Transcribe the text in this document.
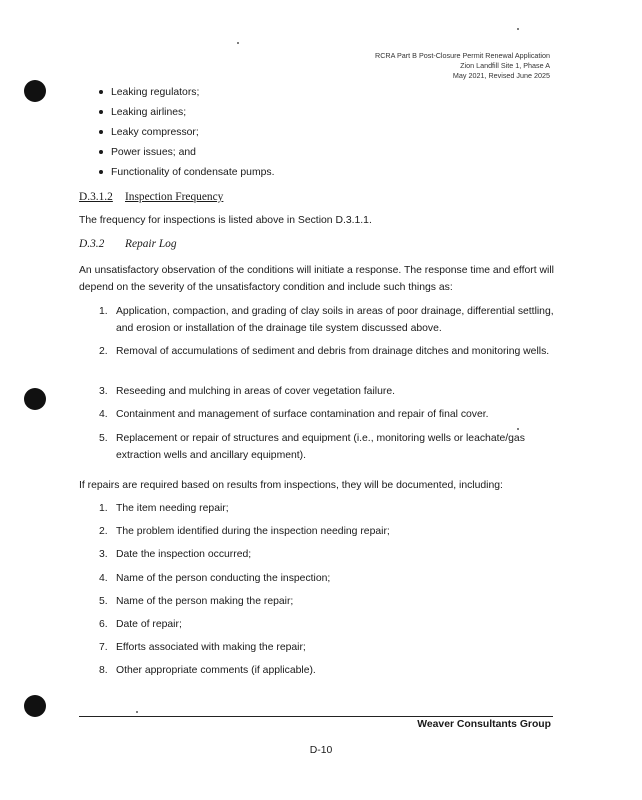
RCRA Part B Post-Closure Permit Renewal Application
Zion Landfill Site 1, Phase A
May 2021, Revised June 2025
Leaking regulators;
Leaking airlines;
Leaky compressor;
Power issues; and
Functionality of condensate pumps.
D.3.1.2 Inspection Frequency
The frequency for inspections is listed above in Section D.3.1.1.
D.3.2 Repair Log
An unsatisfactory observation of the conditions will initiate a response. The response time and effort will depend on the severity of the unsatisfactory condition and include such things as:
1. Application, compaction, and grading of clay soils in areas of poor drainage, differential settling, and erosion or installation of the drainage tile system discussed above.
2. Removal of accumulations of sediment and debris from drainage ditches and monitoring wells.
3. Reseeding and mulching in areas of cover vegetation failure.
4. Containment and management of surface contamination and repair of final cover.
5. Replacement or repair of structures and equipment (i.e., monitoring wells or leachate/gas extraction wells and ancillary equipment).
If repairs are required based on results from inspections, they will be documented, including:
1. The item needing repair;
2. The problem identified during the inspection needing repair;
3. Date the inspection occurred;
4. Name of the person conducting the inspection;
5. Name of the person making the repair;
6. Date of repair;
7. Efforts associated with making the repair;
8. Other appropriate comments (if applicable).
Weaver Consultants Group
D-10
